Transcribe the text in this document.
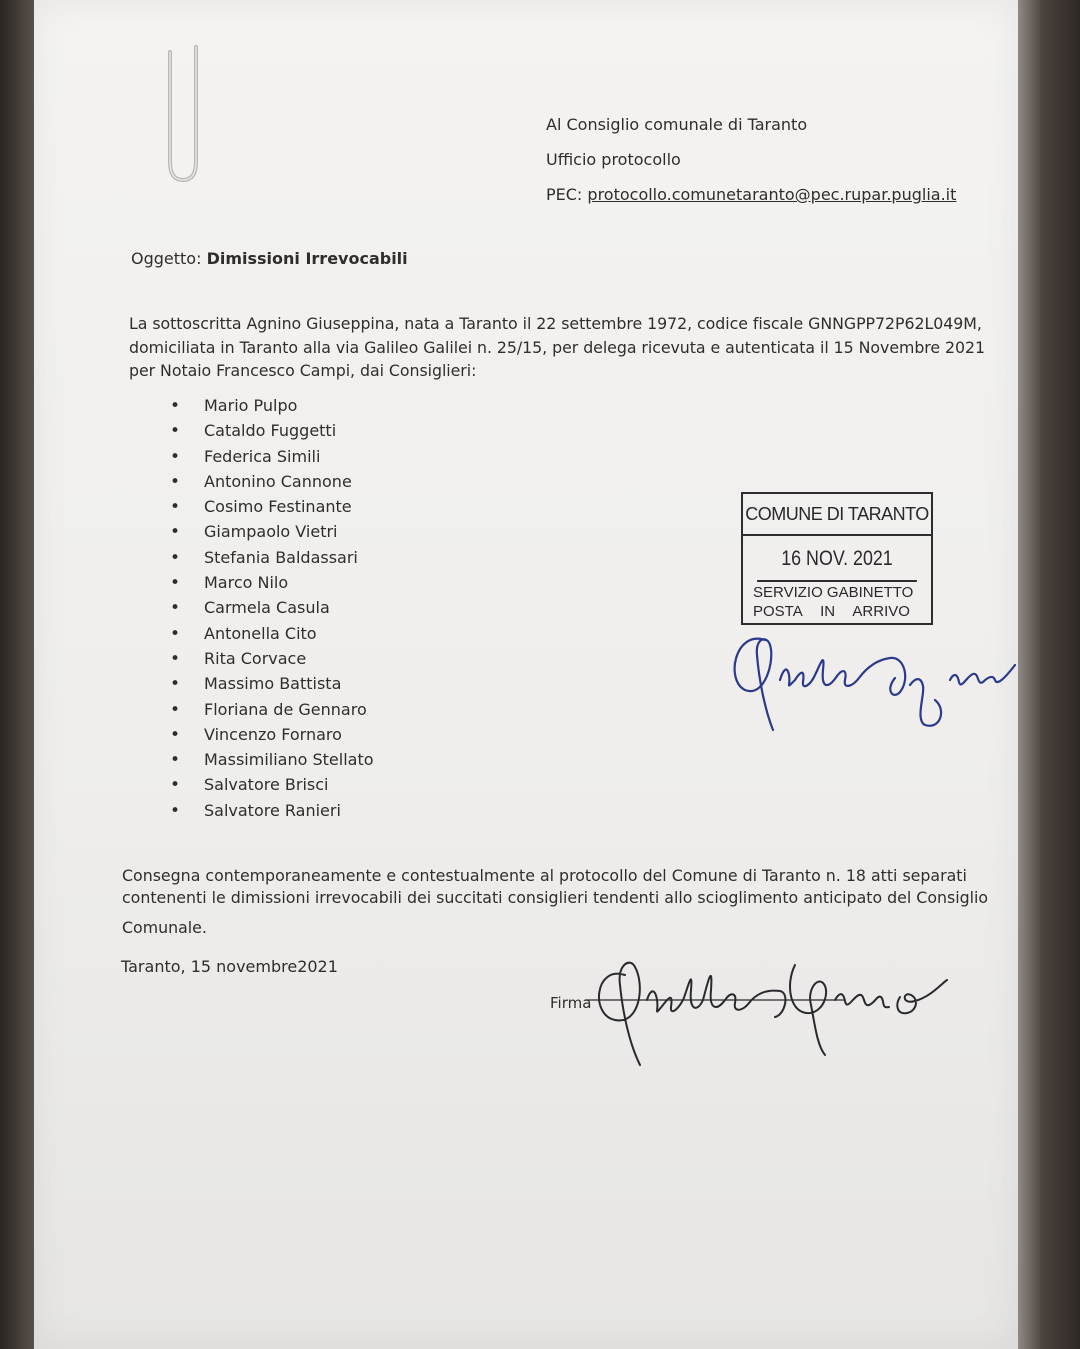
Al Consiglio comunale di Taranto
Ufficio protocollo
PEC: protocollo.comunetaranto@pec.rupar.puglia.it
Oggetto: Dimissioni Irrevocabili
La sottoscritta Agnino Giuseppina, nata a Taranto il 22 settembre 1972, codice fiscale GNNGPP72P62L049M,
domiciliata in Taranto alla via Galileo Galilei n. 25/15, per delega ricevuta e autenticata il 15 Novembre 2021
per Notaio Francesco Campi, dai Consiglieri:
• Mario Pulpo
• Cataldo Fuggetti
• Federica Simili
• Antonino Cannone
• Cosimo Festinante
• Giampaolo Vietri
• Stefania Baldassari
• Marco Nilo
• Carmela Casula
• Antonella Cito
• Rita Corvace
• Massimo Battista
• Floriana de Gennaro
• Vincenzo Fornaro
• Massimiliano Stellato
• Salvatore Brisci
• Salvatore Ranieri
COMUNE DI TARANTO
16 NOV. 2021
SERVIZIO GABINETTO
POSTA IN ARRIVO
Consegna contemporaneamente e contestualmente al protocollo del Comune di Taranto n. 18 atti separati
contenenti le dimissioni irrevocabili dei succitati consiglieri tendenti allo scioglimento anticipato del Consiglio
Comunale.
Taranto, 15 novembre2021
Firma
